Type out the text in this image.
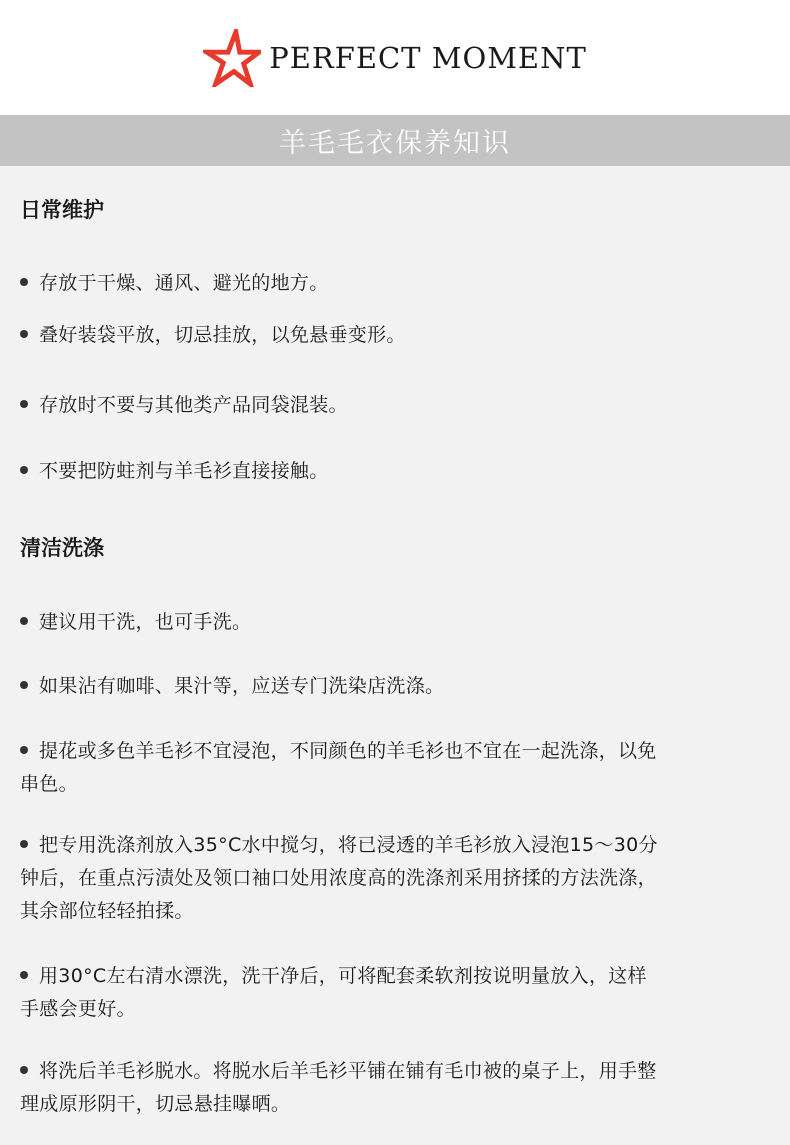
PERFECT MOMENT
羊毛毛衣保养知识

日常维护

存放于干燥、通风、避光的地方。

叠好装袋平放，切忌挂放，以免悬垂变形。

存放时不要与其他类产品同袋混装。

不要把防蛀剂与羊毛衫直接接触。

清洁洗涤

建议用干洗，也可手洗。

如果沾有咖啡、果汁等，应送专门洗染店洗涤。

提花或多色羊毛衫不宜浸泡，不同颜色的羊毛衫也不宜在一起洗涤，以免

串色。

把专用洗涤剂放入35°C水中搅匀，将已浸透的羊毛衫放入浸泡15～30分

钟后，在重点污渍处及领口袖口处用浓度高的洗涤剂采用挤揉的方法洗涤，

其余部位轻轻拍揉。

用30°C左右清水漂洗，洗干净后，可将配套柔软剂按说明量放入，这样

手感会更好。

将洗后羊毛衫脱水。将脱水后羊毛衫平铺在铺有毛巾被的桌子上，用手整

理成原形阴干，切忌悬挂曝晒。
